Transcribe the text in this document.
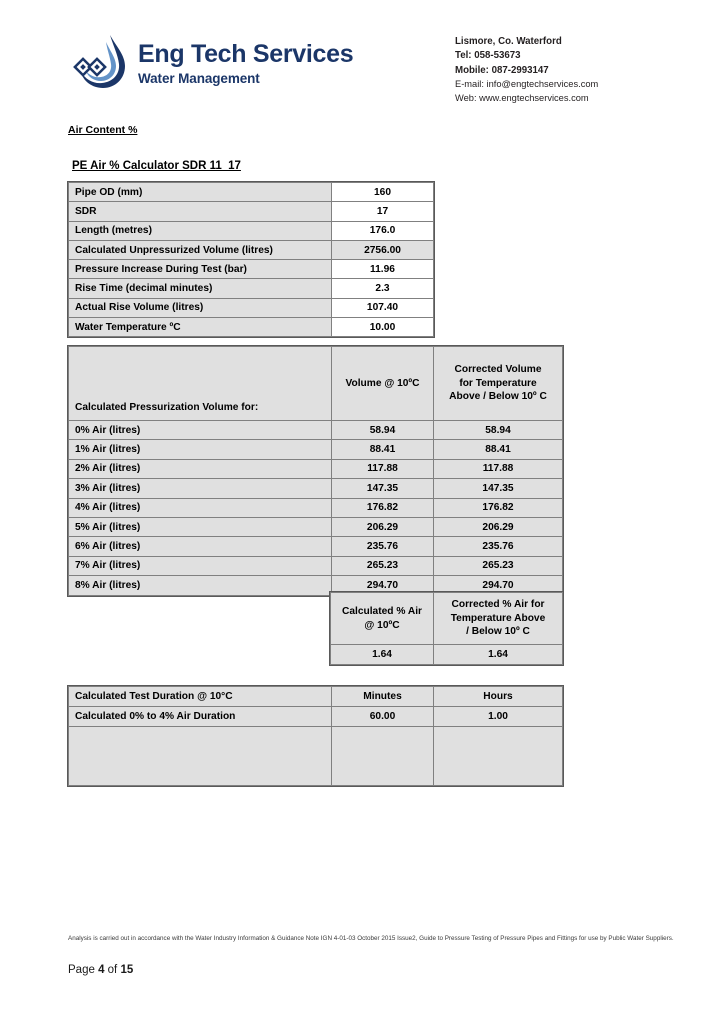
Eng Tech Services
Water Management
Lismore, Co. Waterford
Tel: 058-53673
Mobile: 087-2993147
E-mail: info@engtechservices.com
Web: www.engtechservices.com
Air Content %
PE Air % Calculator SDR 11_17
Pipe OD (mm)	160
SDR	17
Length (metres)	176.0
Calculated Unpressurized Volume (litres)	2756.00
Pressure Increase During Test (bar)	11.96
Rise Time (decimal minutes)	2.3
Actual Rise Volume (litres)	107.40
Water Temperature ºC	10.00
Calculated Pressurization Volume for:	Volume @ 10ºC	Corrected Volume
for Temperature
Above / Below 10º C
0% Air (litres)	58.94	58.94
1% Air (litres)	88.41	88.41
2% Air (litres)	117.88	117.88
3% Air (litres)	147.35	147.35
4% Air (litres)	176.82	176.82
5% Air (litres)	206.29	206.29
6% Air (litres)	235.76	235.76
7% Air (litres)	265.23	265.23
8% Air (litres)	294.70	294.70
Calculated % Air
@ 10ºC	Corrected % Air for
Temperature Above
/ Below 10º C
1.64	1.64
Calculated Test Duration @ 10°C	Minutes	Hours
Calculated 0% to 4% Air Duration	60.00	1.00

Analysis is carried out in accordance with the Water Industry Information & Guidance Note IGN 4-01-03 October 2015 Issue2, Guide to Pressure Testing of Pressure Pipes and Fittings for use by Public Water Suppliers.
Page 4 of 15
